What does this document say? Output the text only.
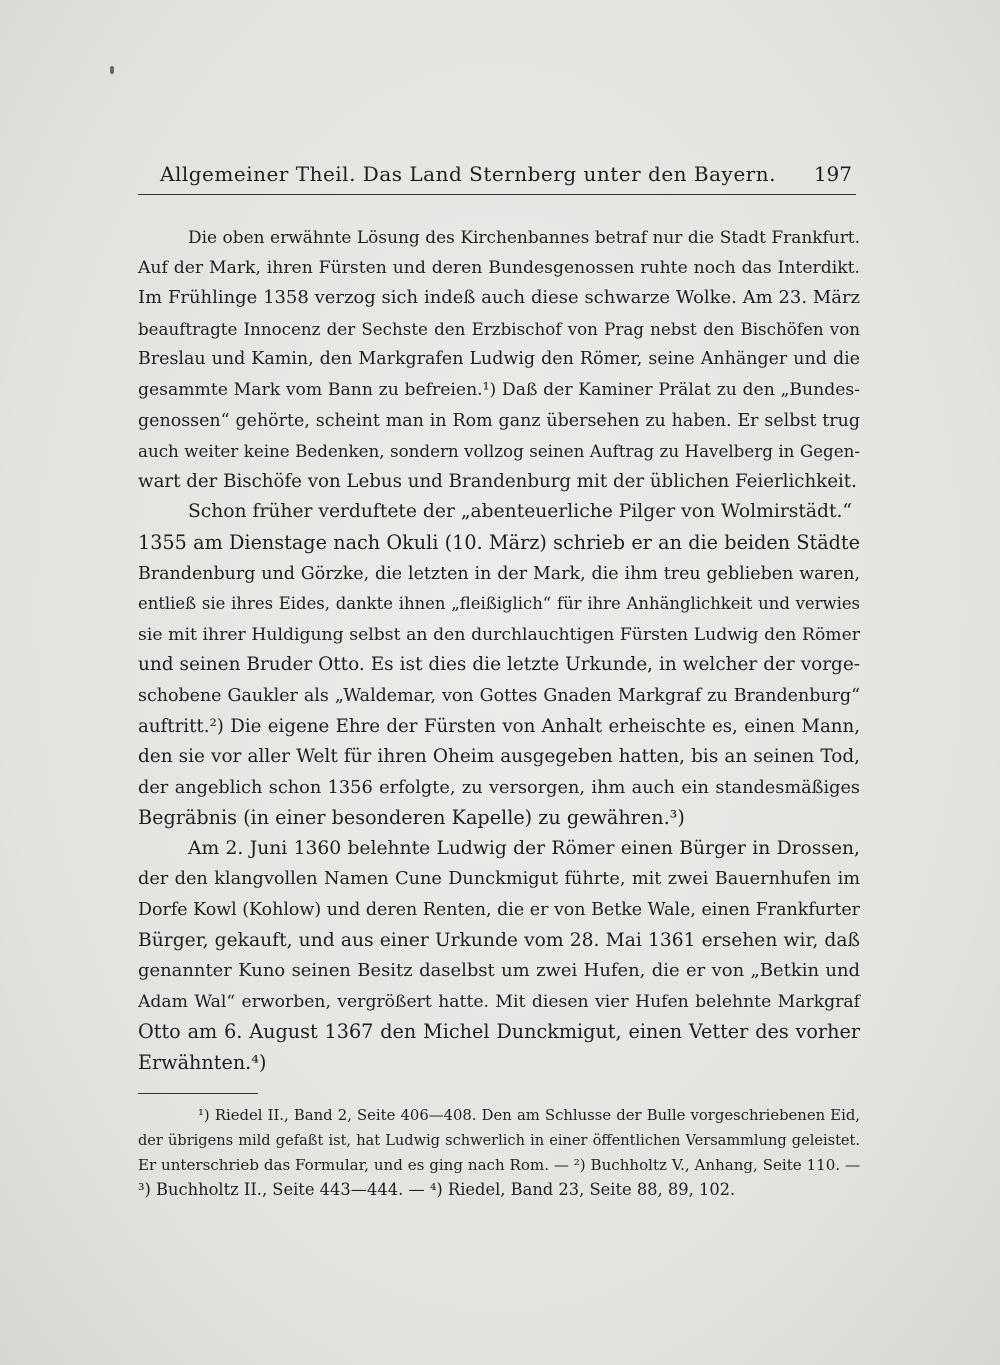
Allgemeiner Theil. Das Land Sternberg unter den Bayern.	197
Die oben erwähnte Lösung des Kirchenbannes betraf nur die Stadt Frankfurt.
Auf der Mark, ihren Fürsten und deren Bundesgenossen ruhte noch das Interdikt.
Im Frühlinge 1358 verzog sich indeß auch diese schwarze Wolke. Am 23. März
beauftragte Innocenz der Sechste den Erzbischof von Prag nebst den Bischöfen von
Breslau und Kamin, den Markgrafen Ludwig den Römer, seine Anhänger und die
gesammte Mark vom Bann zu befreien.¹) Daß der Kaminer Prälat zu den „Bundes-
genossen“ gehörte, scheint man in Rom ganz übersehen zu haben. Er selbst trug
auch weiter keine Bedenken, sondern vollzog seinen Auftrag zu Havelberg in Gegen-
wart der Bischöfe von Lebus und Brandenburg mit der üblichen Feierlichkeit.
Schon früher verduftete der „abenteuerliche Pilger von Wolmirstädt.“
1355 am Dienstage nach Okuli (10. März) schrieb er an die beiden Städte
Brandenburg und Görzke, die letzten in der Mark, die ihm treu geblieben waren,
entließ sie ihres Eides, dankte ihnen „fleißiglich“ für ihre Anhänglichkeit und verwies
sie mit ihrer Huldigung selbst an den durchlauchtigen Fürsten Ludwig den Römer
und seinen Bruder Otto. Es ist dies die letzte Urkunde, in welcher der vorge-
schobene Gaukler als „Waldemar, von Gottes Gnaden Markgraf zu Brandenburg“
auftritt.²) Die eigene Ehre der Fürsten von Anhalt erheischte es, einen Mann,
den sie vor aller Welt für ihren Oheim ausgegeben hatten, bis an seinen Tod,
der angeblich schon 1356 erfolgte, zu versorgen, ihm auch ein standesmäßiges
Begräbnis (in einer besonderen Kapelle) zu gewähren.³)
Am 2. Juni 1360 belehnte Ludwig der Römer einen Bürger in Drossen,
der den klangvollen Namen Cune Dunckmigut führte, mit zwei Bauernhufen im
Dorfe Kowl (Kohlow) und deren Renten, die er von Betke Wale, einen Frankfurter
Bürger, gekauft, und aus einer Urkunde vom 28. Mai 1361 ersehen wir, daß
genannter Kuno seinen Besitz daselbst um zwei Hufen, die er von „Betkin und
Adam Wal“ erworben, vergrößert hatte. Mit diesen vier Hufen belehnte Markgraf
Otto am 6. August 1367 den Michel Dunckmigut, einen Vetter des vorher
Erwähnten.⁴)
¹) Riedel II., Band 2, Seite 406—408. Den am Schlusse der Bulle vorgeschriebenen Eid,
der übrigens mild gefaßt ist, hat Ludwig schwerlich in einer öffentlichen Versammlung geleistet.
Er unterschrieb das Formular, und es ging nach Rom. — ²) Buchholtz V., Anhang, Seite 110. —
³) Buchholtz II., Seite 443—444. — ⁴) Riedel, Band 23, Seite 88, 89, 102.
